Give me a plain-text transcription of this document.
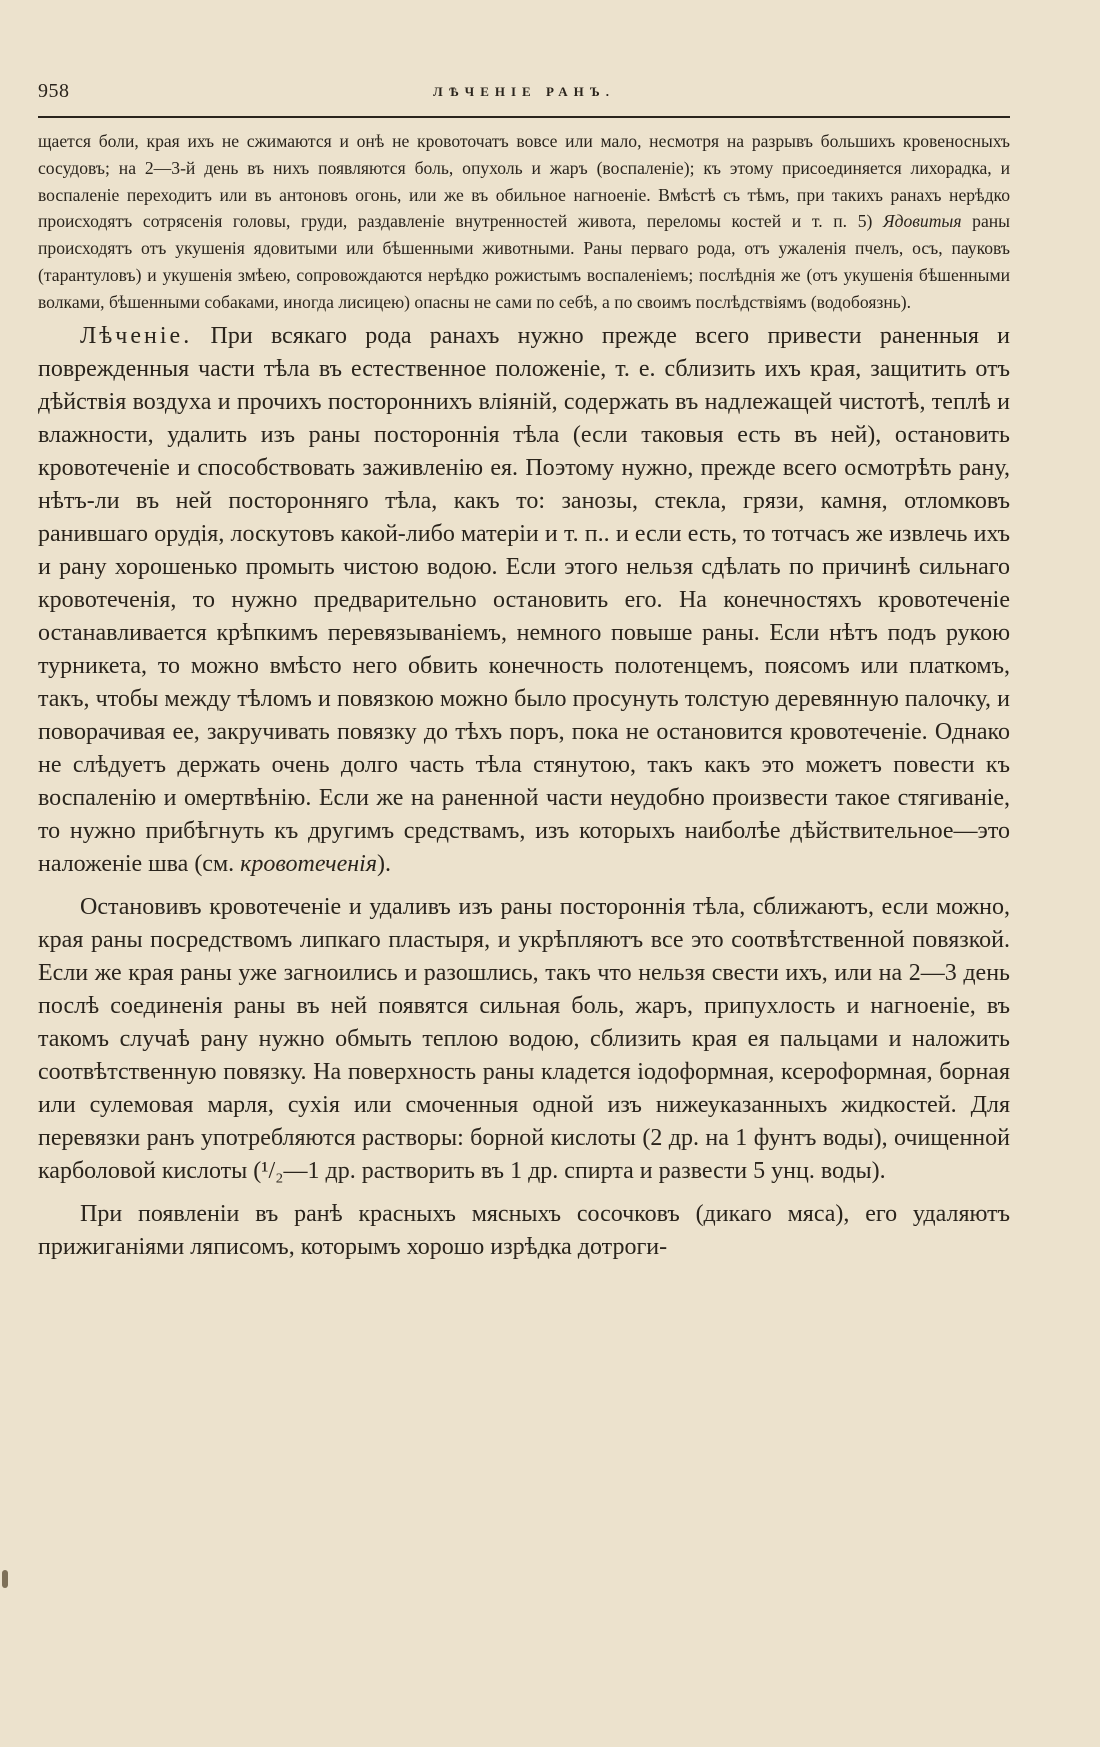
958	ЛѢЧЕНІЕ РАНЪ.

щается боли, края ихъ не сжимаются и онѣ не кровоточатъ вовсе или мало, несмотря на разрывъ большихъ кровеносныхъ сосудовъ; на 2—3-й день въ нихъ появляются боль, опухоль и жаръ (воспаленіе); къ этому присоединяется лихорадка, и воспаленіе переходитъ или въ антоновъ огонь, или же въ обильное нагноеніе. Вмѣстѣ съ тѣмъ, при такихъ ранахъ нерѣдко происходятъ сотрясенія головы, груди, раздавленіе внутренностей живота, переломы костей и т. п. 5) Ядовитыя раны происходятъ отъ укушенія ядовитыми или бѣшенными животными. Раны перваго рода, отъ ужаленія пчелъ, осъ, пауковъ (тарантуловъ) и укушенія змѣею, сопровождаются нерѣдко рожистымъ воспаленіемъ; послѣднія же (отъ укушенія бѣшенными волками, бѣшенными собаками, иногда лисицею) опасны не сами по себѣ, а по своимъ послѣдствіямъ (водобоязнь).

Лѣченіе. При всякаго рода ранахъ нужно прежде всего привести раненныя и поврежденныя части тѣла въ естественное положеніе, т. е. сблизить ихъ края, защитить отъ дѣйствія воздуха и прочихъ постороннихъ вліяній, содержать въ надлежащей чистотѣ, теплѣ и влажности, удалить изъ раны постороннія тѣла (если таковыя есть въ ней), остановить кровотеченіе и способствовать заживленію ея. Поэтому нужно, прежде всего осмотрѣть рану, нѣтъ-ли въ ней посторонняго тѣла, какъ то: занозы, стекла, грязи, камня, отломковъ ранившаго орудія, лоскутовъ какой-либо матеріи и т. п.. и если есть, то тотчасъ же извлечь ихъ и рану хорошенько промыть чистою водою. Если этого нельзя сдѣлать по причинѣ сильнаго кровотеченія, то нужно предварительно остановить его. На конечностяхъ кровотеченіе останавливается крѣпкимъ перевязываніемъ, немного повыше раны. Если нѣтъ подъ рукою турникета, то можно вмѣсто него обвить конечность полотенцемъ, поясомъ или платкомъ, такъ, чтобы между тѣломъ и повязкою можно было просунуть толстую деревянную палочку, и поворачивая ее, закручивать повязку до тѣхъ поръ, пока не остановится кровотеченіе. Однако не слѣдуетъ держать очень долго часть тѣла стянутою, такъ какъ это можетъ повести къ воспаленію и омертвѣнію. Если же на раненной части неудобно произвести такое стягиваніе, то нужно прибѣгнуть къ другимъ средствамъ, изъ которыхъ наиболѣе дѣйствительное—это наложеніе шва (см. кровотеченія).

Остановивъ кровотеченіе и удаливъ изъ раны постороннія тѣла, сближаютъ, если можно, края раны посредствомъ липкаго пластыря, и укрѣпляютъ все это соотвѣтственной повязкой. Если же края раны уже загноились и разошлись, такъ что нельзя свести ихъ, или на 2—3 день послѣ соединенія раны въ ней появятся сильная боль, жаръ, припухлость и нагноеніе, въ такомъ случаѣ рану нужно обмыть теплою водою, сблизить края ея пальцами и наложить соотвѣтственную повязку. На поверхность раны кладется іодоформная, ксероформная, борная или сулемовая марля, сухія или смоченныя одной изъ нижеуказанныхъ жидкостей. Для перевязки ранъ употребляются растворы: борной кислоты (2 др. на 1 фунтъ воды), очищенной карболовой кислоты (¹/₂—1 др. растворить въ 1 др. спирта и развести 5 унц. воды).

При появленіи въ ранѣ красныхъ мясныхъ сосочковъ (дикаго мяса), его удаляютъ прижиганіями ляписомъ, которымъ хорошо изрѣдка дотроги-
